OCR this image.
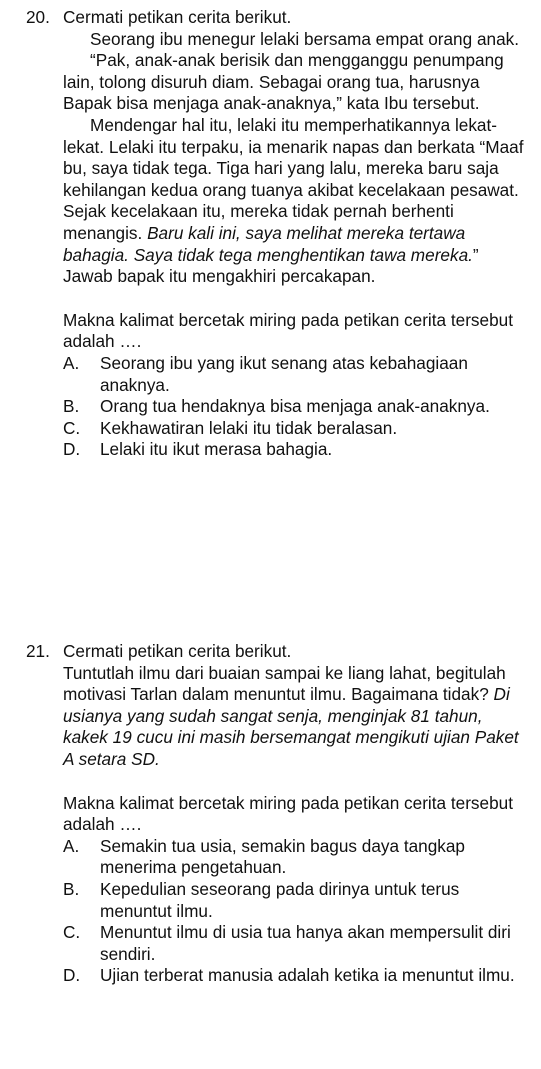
20. Cermati petikan cerita berikut.

Seorang ibu menegur lelaki bersama empat orang anak.

“Pak, anak-anak berisik dan mengganggu penumpang lain, tolong disuruh diam. Sebagai orang tua, harusnya Bapak bisa menjaga anak-anaknya,” kata Ibu tersebut.

Mendengar hal itu, lelaki itu memperhatikannya lekat-lekat. Lelaki itu terpaku, ia menarik napas dan berkata “Maaf bu, saya tidak tega. Tiga hari yang lalu, mereka baru saja kehilangan kedua orang tuanya akibat kecelakaan pesawat. Sejak kecelakaan itu, mereka tidak pernah berhenti menangis. Baru kali ini, saya melihat mereka tertawa bahagia. Saya tidak tega menghentikan tawa mereka.” Jawab bapak itu mengakhiri percakapan.

Makna kalimat bercetak miring pada petikan cerita tersebut adalah ….

A.	Seorang ibu yang ikut senang atas kebahagiaan anaknya.
B.	Orang tua hendaknya bisa menjaga anak-anaknya.
C.	Kekhawatiran lelaki itu tidak beralasan.
D.	Lelaki itu ikut merasa bahagia.
21. Cermati petikan cerita berikut.

Tuntutlah ilmu dari buaian sampai ke liang lahat, begitulah motivasi Tarlan dalam menuntut ilmu. Bagaimana tidak? Di usianya yang sudah sangat senja, menginjak 81 tahun, kakek 19 cucu ini masih bersemangat mengikuti ujian Paket A setara SD.

Makna kalimat bercetak miring pada petikan cerita tersebut adalah ….

A.	Semakin tua usia, semakin bagus daya tangkap menerima pengetahuan.
B.	Kepedulian seseorang pada dirinya untuk terus menuntut ilmu.
C.	Menuntut ilmu di usia tua hanya akan mempersulit diri sendiri.
D.	Ujian terberat manusia adalah ketika ia menuntut ilmu.
